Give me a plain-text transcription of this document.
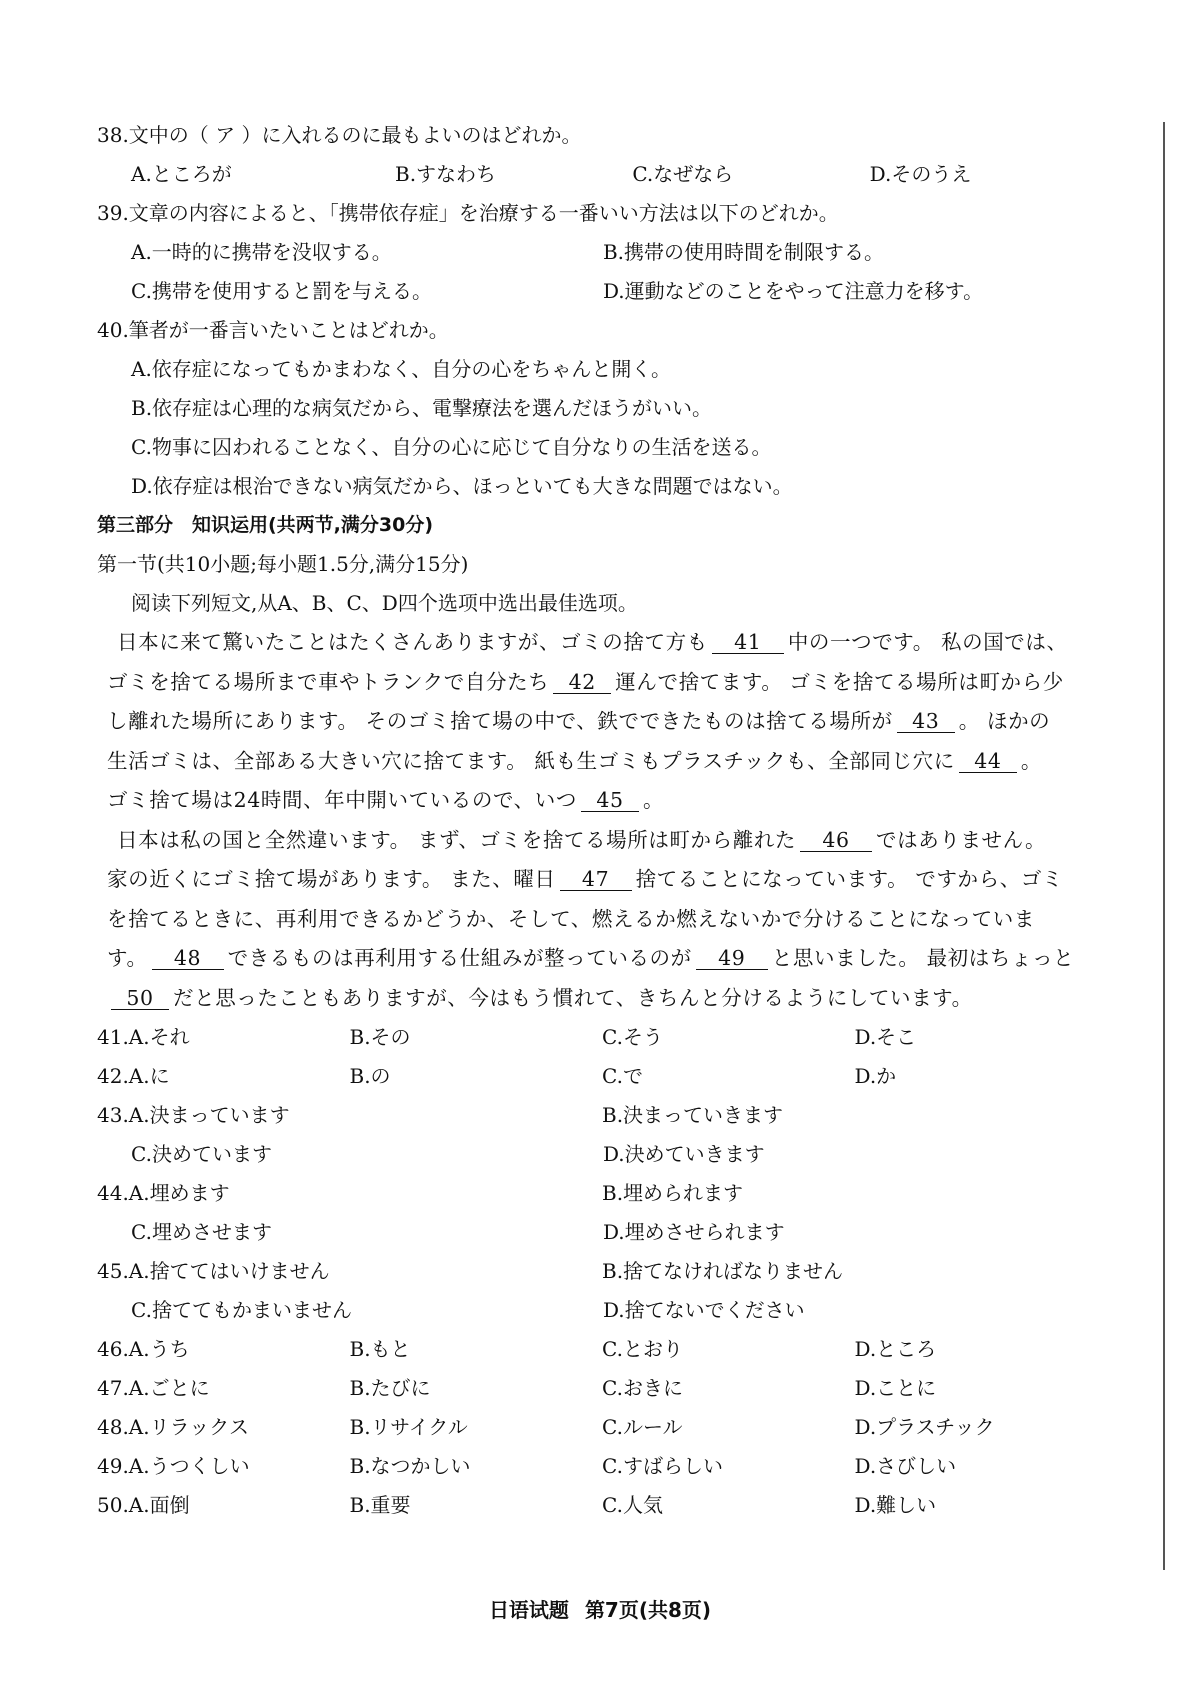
38.文中の（ ア ）に入れるのに最もよいのはどれか。
A.ところが	B.すなわち	C.なぜなら	D.そのうえ
39.文章の内容によると、「携帯依存症」を治療する一番いい方法は以下のどれか。
A.一時的に携帯を没収する。	B.携帯の使用時間を制限する。
C.携帯を使用すると罰を与える。	D.運動などのことをやって注意力を移す。
40.筆者が一番言いたいことはどれか。
A.依存症になってもかまわなく、自分の心をちゃんと開く。
B.依存症は心理的な病気だから、電撃療法を選んだほうがいい。
C.物事に囚われることなく、自分の心に応じて自分なりの生活を送る。
D.依存症は根治できない病気だから、ほっといても大きな問題ではない。
第三部分　知识运用(共两节,满分30分)
第一节(共10小题;每小题1.5分,满分15分)
阅读下列短文,从A、B、C、D四个选项中选出最佳选项。
日本に来て驚いたことはたくさんありますが、ゴミの捨て方も 41 中の一つです。 私の国では、
ゴミを捨てる場所まで車やトランクで自分たち 42 運んで捨てます。 ゴミを捨てる場所は町から少
し離れた場所にあります。 そのゴミ捨て場の中で、鉄でできたものは捨てる場所が 43 。 ほかの
生活ゴミは、全部ある大きい穴に捨てます。 紙も生ゴミもプラスチックも、全部同じ穴に 44 。
ゴミ捨て場は24時間、年中開いているので、いつ 45 。
日本は私の国と全然違います。 まず、ゴミを捨てる場所は町から離れた 46 ではありません。
家の近くにゴミ捨て場があります。 また、曜日 47 捨てることになっています。 ですから、ゴミ
を捨てるときに、再利用できるかどうか、そして、燃えるか燃えないかで分けることになっていま
す。 48 できるものは再利用する仕組みが整っているのが 49 と思いました。 最初はちょっと
50 だと思ったこともありますが、今はもう慣れて、きちんと分けるようにしています。
41.A.それ	B.その	C.そう	D.そこ
42.A.に	B.の	C.で	D.か
43.A.決まっています	B.決まっていきます
C.決めています	D.決めていきます
44.A.埋めます	B.埋められます
C.埋めさせます	D.埋めさせられます
45.A.捨ててはいけません	B.捨てなければなりません
C.捨ててもかまいません	D.捨てないでください
46.A.うち	B.もと	C.とおり	D.ところ
47.A.ごとに	B.たびに	C.おきに	D.ことに
48.A.リラックス	B.リサイクル	C.ルール	D.プラスチック
49.A.うつくしい	B.なつかしい	C.すばらしい	D.さびしい
50.A.面倒	B.重要	C.人気	D.難しい
日语试题 第7页(共8页)
